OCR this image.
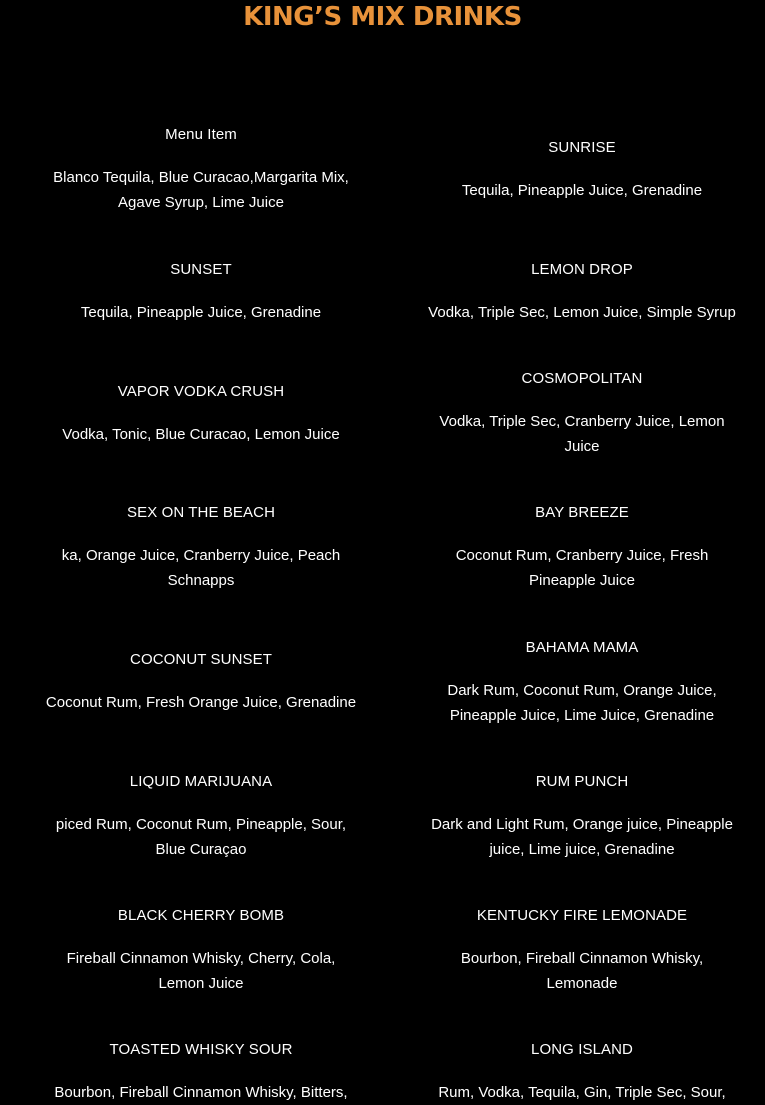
KING’S MIX DRINKS
Menu Item
Blanco Tequila, Blue Curacao,Margarita Mix, Agave Syrup, Lime Juice
SUNSET
Tequila, Pineapple Juice, Grenadine
VAPOR VODKA CRUSH
Vodka, Tonic, Blue Curacao, Lemon Juice
SEX ON THE BEACH
ka, Orange Juice, Cranberry Juice, Peach Schnapps
COCONUT SUNSET
Coconut Rum, Fresh Orange Juice, Grenadine
LIQUID MARIJUANA
piced Rum, Coconut Rum, Pineapple, Sour, Blue Curaçao
BLACK CHERRY BOMB
Fireball Cinnamon Whisky, Cherry, Cola, Lemon Juice
TOASTED WHISKY SOUR
Bourbon, Fireball Cinnamon Whisky, Bitters,
SUNRISE
Tequila, Pineapple Juice, Grenadine
LEMON DROP
Vodka, Triple Sec, Lemon Juice, Simple Syrup
COSMOPOLITAN
Vodka, Triple Sec, Cranberry Juice, Lemon Juice
BAY BREEZE
Coconut Rum, Cranberry Juice, Fresh Pineapple Juice
BAHAMA MAMA
Dark Rum, Coconut Rum, Orange Juice, Pineapple Juice, Lime Juice, Grenadine
RUM PUNCH
Dark and Light Rum, Orange juice, Pineapple juice, Lime juice, Grenadine
KENTUCKY FIRE LEMONADE
Bourbon, Fireball Cinnamon Whisky, Lemonade
LONG ISLAND
Rum, Vodka, Tequila, Gin, Triple Sec, Sour,
